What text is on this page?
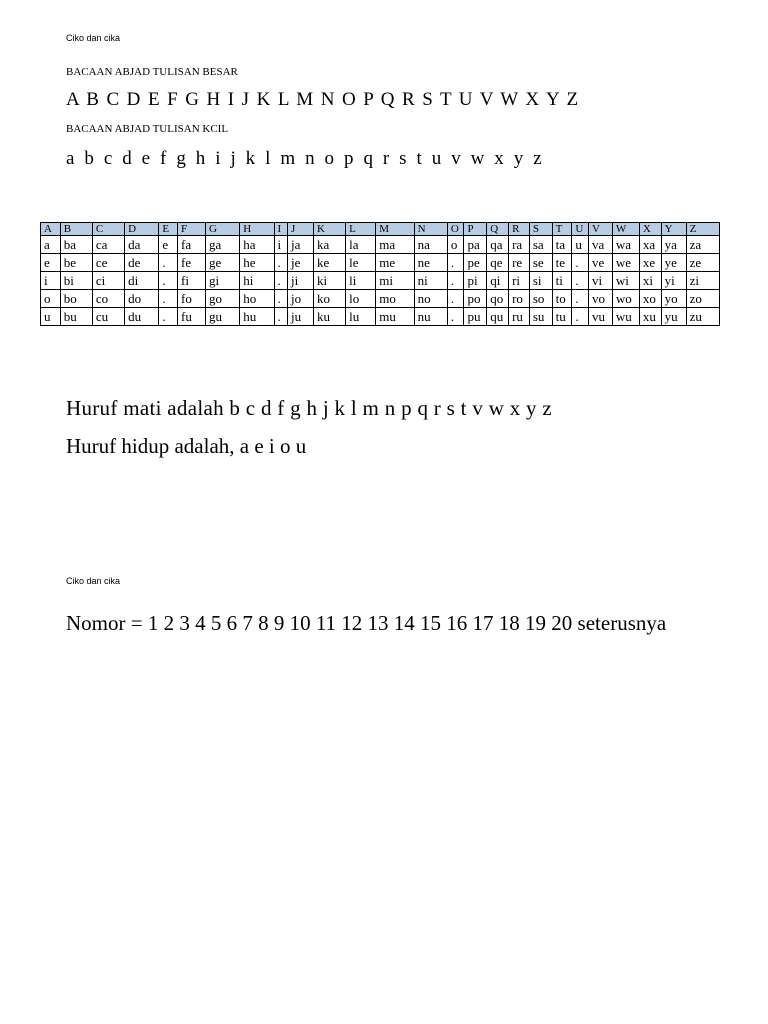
Ciko dan cika
BACAAN ABJAD TULISAN BESAR
A B C D E F G H I J K L M N O P Q R S T U V W X Y Z
BACAAN ABJAD TULISAN KCIL
a b c d e f g h i j k l m n o p q r s t u v w x y z
A	B	C	D	E	F	G	H	I	J	K	L	M	N	O	P	Q	R	S	T	U	V	W	X	Y	Z
a	ba	ca	da	e	fa	ga	ha	i	ja	ka	la	ma	na	o	pa	qa	ra	sa	ta	u	va	wa	xa	ya	za
e	be	ce	de	.	fe	ge	he	.	je	ke	le	me	ne	.	pe	qe	re	se	te	.	ve	we	xe	ye	ze
i	bi	ci	di	.	fi	gi	hi	.	ji	ki	li	mi	ni	.	pi	qi	ri	si	ti	.	vi	wi	xi	yi	zi
o	bo	co	do	.	fo	go	ho	.	jo	ko	lo	mo	no	.	po	qo	ro	so	to	.	vo	wo	xo	yo	zo
u	bu	cu	du	.	fu	gu	hu	.	ju	ku	lu	mu	nu	.	pu	qu	ru	su	tu	.	vu	wu	xu	yu	zu
Huruf mati adalah b c d f g h j k l m n p q r s t v w x y z
Huruf hidup adalah, a e i o u
Ciko dan cika
Nomor = 1 2 3 4 5 6 7 8 9 10 11 12 13 14 15 16 17 18 19 20 seterusnya
